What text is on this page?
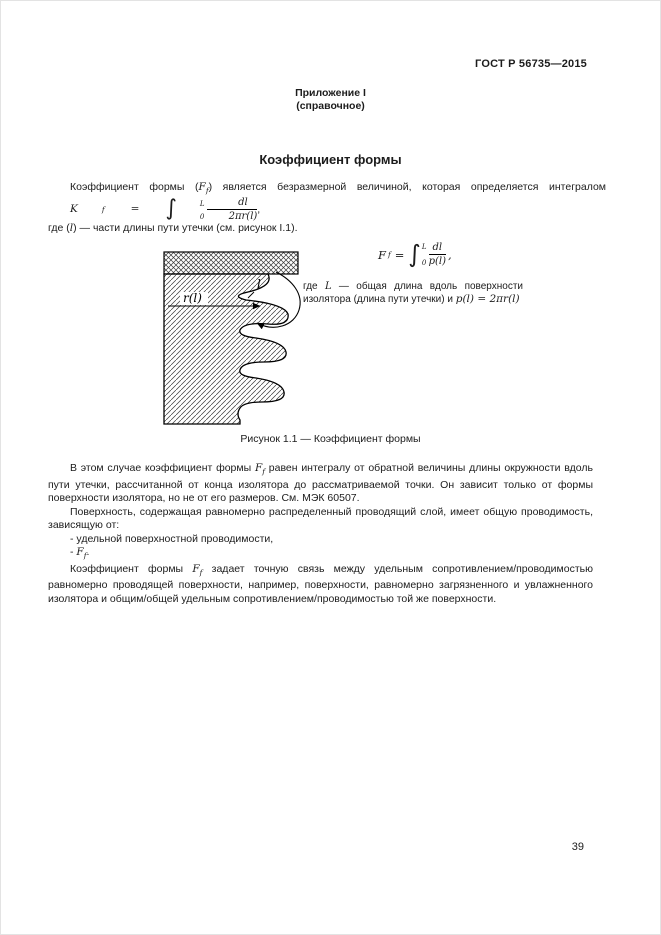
ГОСТ Р 56735—2015
Приложение I
(справочное)
Коэффициент формы

Коэффициент формы $(F_f)$ является безразмерной величиной, которая определяется интегралом
K	f	=	∫	L
$0 \frac{dl}{2\pi r(l)}$ ,

где (l) — части длины пути утечки (см. рисунок I.1).

F f = ∫ L
$0 \frac{dl}{p(l)}$ ,
r(l)
l	где L — общая длина вдоль поверхности изолятора (длина пути утечки) и p(l) = 2πr(l)
Рисунок 1.1 — Коэффициент формы

В этом случае коэффициент формы $F_f$ равен интегралу от обратной величины длины окружности вдоль пути утечки, рассчитанной от конца изолятора до рассматриваемой точки. Он зависит только от формы поверхности изолятора, но не от его размеров. См. МЭК 60507.

Поверхность, содержащая равномерно распределенный проводящий слой, имеет общую проводимость, зависящую от:

- удельной поверхностной проводимости,

- $F_f$.

Коэффициент формы $F_f$ задает точную связь между удельным сопротивлением/проводимостью равномерно проводящей поверхности, например, поверхности, равномерно загрязненного и увлажненного изолятора и общим/общей удельным сопротивлением/проводимостью той же поверхности.

39
